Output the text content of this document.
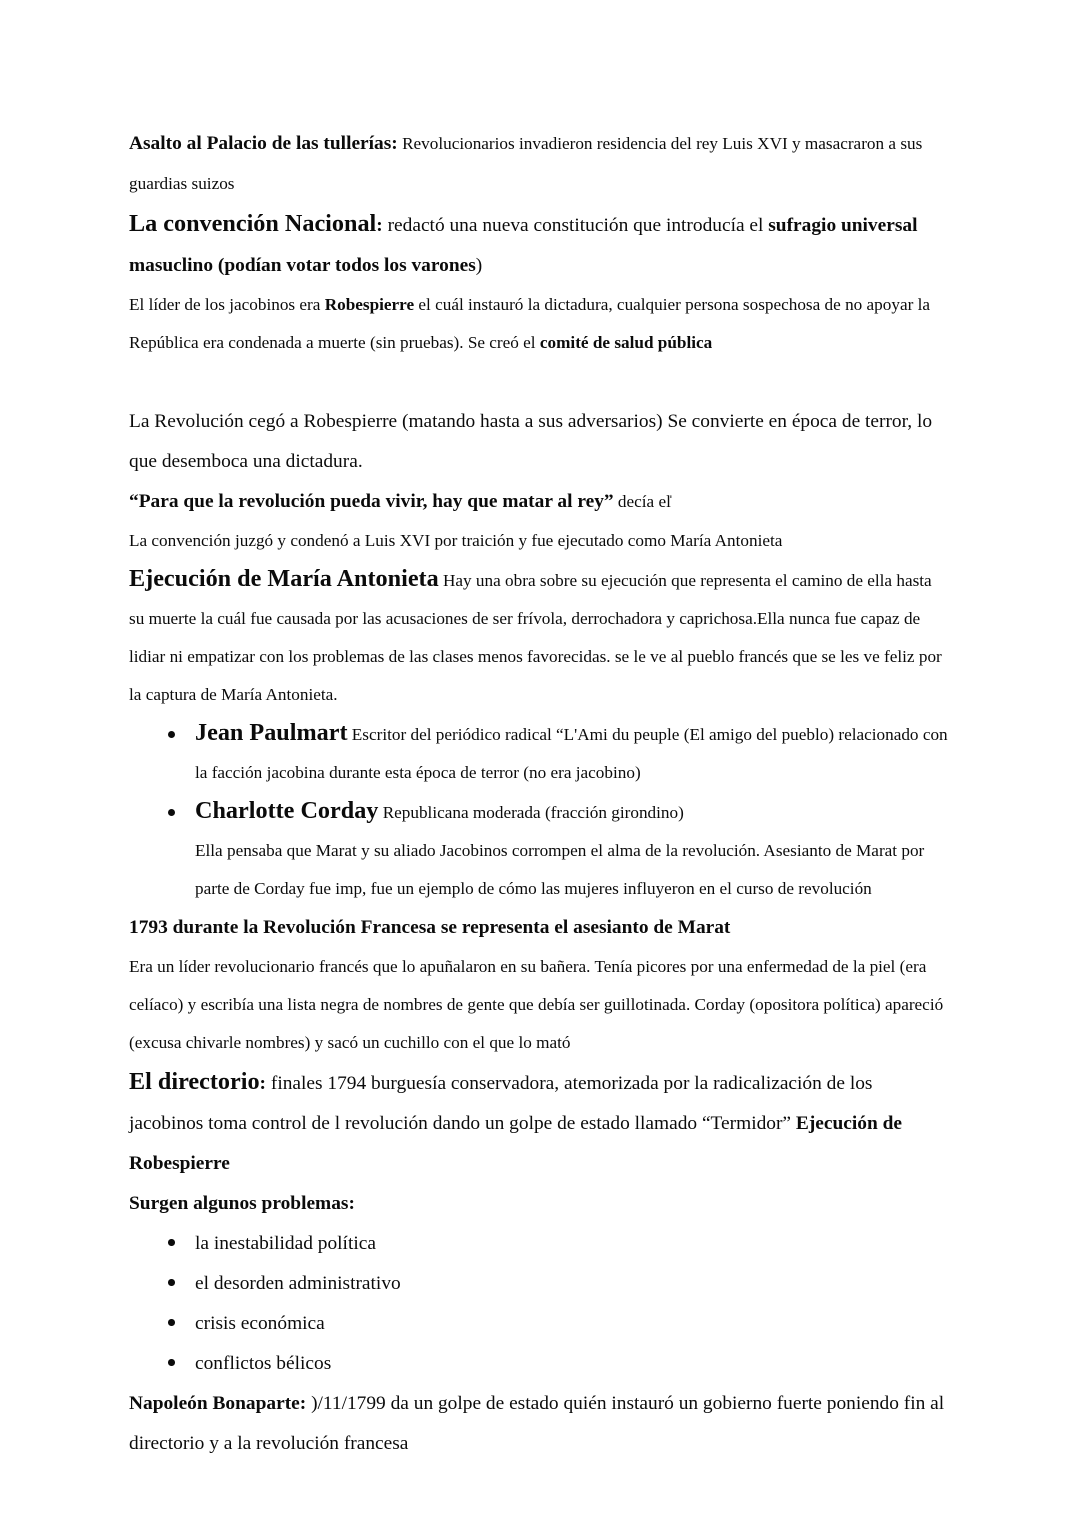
Asalto al Palacio de las tullerías: Revolucionarios invadieron residencia del rey Luis XVI y masacraron a sus guardias suizos

La convención Nacional: redactó una nueva constitución que introducía el sufragio universal masuclino (podían votar todos los varones)

El líder de los jacobinos era Robespierre el cuál instauró la dictadura, cualquier persona sospechosa de no apoyar la República era condenada a muerte (sin pruebas). Se creó el comité de salud pública

La Revolución cegó a Robespierre (matando hasta a sus adversarios) Se convierte en época de terror, lo que desemboca una dictadura.

“Para que la revolución pueda vivir, hay que matar al rey” decía el̍

La convención juzgó y condenó a Luis XVI por traición y fue ejecutado como María Antonieta

Ejecución de María Antonieta Hay una obra sobre su ejecución que representa el camino de ella hasta su muerte la cuál fue causada por las acusaciones de ser frívola, derrochadora y caprichosa.Ella nunca fue capaz de lidiar ni empatizar con los problemas de las clases menos favorecidas. se le ve al pueblo francés que se les ve feliz por la captura de María Antonieta.

Jean Paulmart Escritor del periódico radical “L'Ami du peuple (El amigo del pueblo) relacionado con la facción jacobina durante esta época de terror (no era jacobino)
Charlotte Corday Republicana moderada (fracción girondino)
Ella pensaba que Marat y su aliado Jacobinos corrompen el alma de la revolución. Asesianto de Marat por parte de Corday fue imp, fue un ejemplo de cómo las mujeres influyeron en el curso de revolución

1793 durante la Revolución Francesa se representa el asesianto de Marat

Era un líder revolucionario francés que lo apuñalaron en su bañera. Tenía picores por una enfermedad de la piel (era celíaco) y escribía una lista negra de nombres de gente que debía ser guillotinada. Corday (opositora política) apareció (excusa chivarle nombres) y sacó un cuchillo con el que lo mató

El directorio: finales 1794 burguesía conservadora, atemorizada por la radicalización de los jacobinos toma control de l revolución dando un golpe de estado llamado “Termidor” Ejecución de Robespierre

Surgen algunos problemas:

la inestabilidad política
el desorden administrativo
crisis económica
conflictos bélicos

Napoleón Bonaparte: )/11/1799 da un golpe de estado quién instauró un gobierno fuerte poniendo fin al directorio y a la revolución francesa
